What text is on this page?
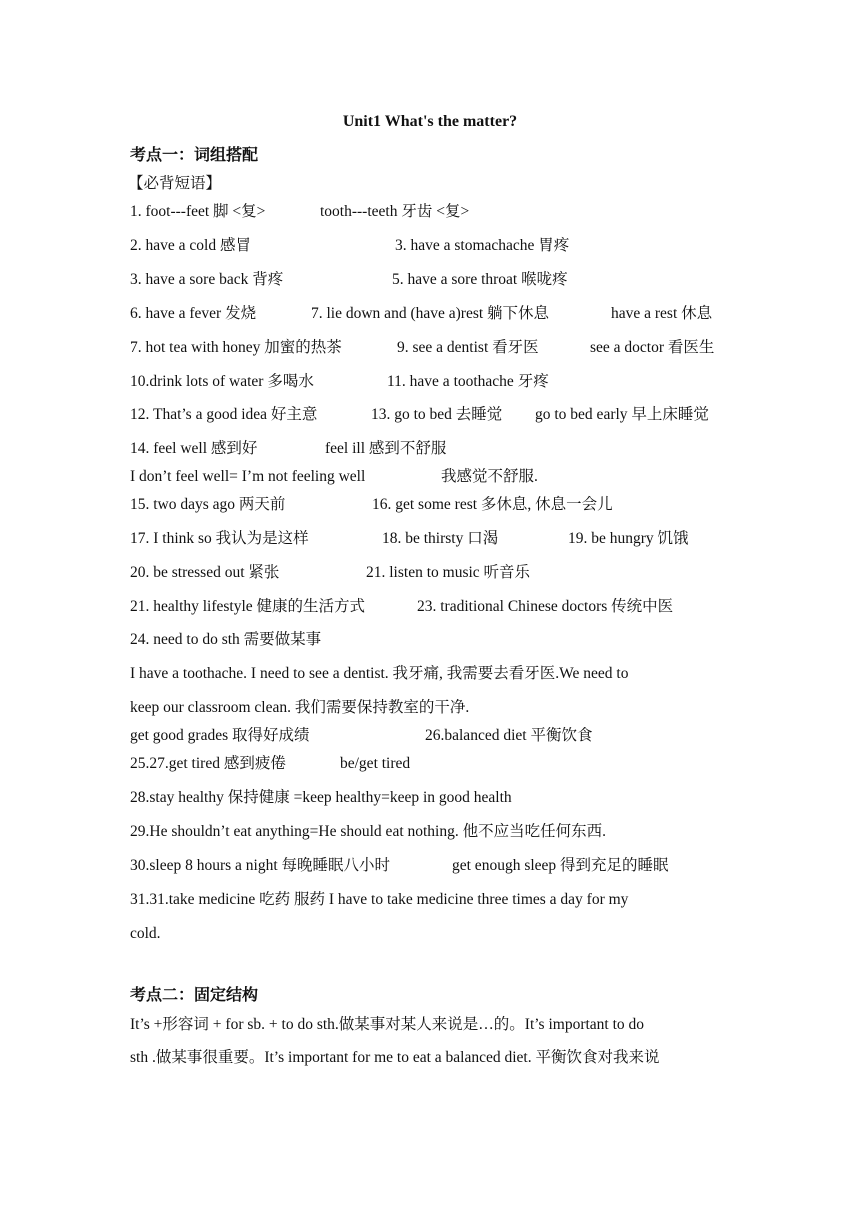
Unit1 What's the matter?
考点一：词组搭配
【必背短语】
1. foot---feet 脚 <复>	tooth---teeth 牙齿 <复>
2. have a cold 感冒	3. have a stomachache 胃疼
3. have a sore back 背疼	5. have a sore throat 喉咙疼
6. have a fever 发烧	7. lie down and (have a)rest 躺下休息	have a rest 休息
7. hot tea with honey 加蜜的热茶	9. see a dentist 看牙医	see a doctor 看医生
10.drink lots of water 多喝水	11. have a toothache 牙疼
12. That’s a good idea 好主意	13. go to bed 去睡觉 go to bed early 早上床睡觉
14. feel well 感到好	feel ill 感到不舒服
I don’t feel well= I’m not feeling well	我感觉不舒服.
15. two days ago 两天前	16. get some rest 多休息, 休息一会儿
17. I think so 我认为是这样	18. be thirsty 口渴	19. be hungry 饥饿
20. be stressed out 紧张	21. listen to music 听音乐
21. healthy lifestyle 健康的生活方式	23. traditional Chinese doctors 传统中医
24. need to do sth 需要做某事
I have a toothache. I need to see a dentist. 我牙痛, 我需要去看牙医.We need to
keep our classroom clean. 我们需要保持教室的干净.
get good grades 取得好成绩	26.balanced diet 平衡饮食
25.27.get tired 感到疲倦	be/get tired
28.stay healthy 保持健康 =keep healthy=keep in good health
29.He shouldn’t eat anything=He should eat nothing. 他不应当吃任何东西.
30.sleep 8 hours a night 每晚睡眠八小时	get enough sleep 得到充足的睡眠
31.31.take medicine 吃药 服药 I have to take medicine three times a day for my
cold.
考点二：固定结构
It’s +形容词 + for sb. + to do sth.做某事对某人来说是…的。It’s important to do
sth .做某事很重要。It’s important for me to eat a balanced diet. 平衡饮食对我来说
